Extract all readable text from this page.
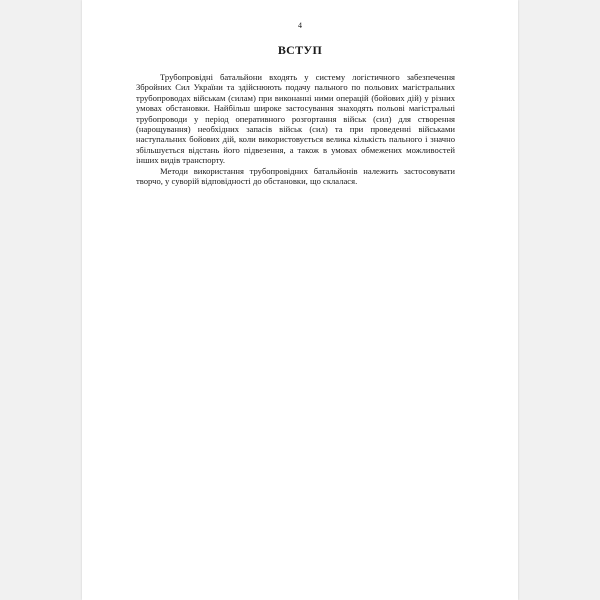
4
ВСТУП

Трубопровідні батальйони входять у систему логістичного забезпечення Збройних Сил України та здійснюють подачу пального по польових магістральних трубопроводах військам (силам) при виконанні ними операцій (бойових дій) у різних умовах обстановки. Найбільш широке застосування знаходять польові магістральні трубопроводи у період оперативного розгортання військ (сил) для створення (нарощування) необхідних запасів військ (сил) та при проведенні військами наступальних бойових дій, коли використовується велика кількість пального і значно збільшується відстань його підвезення, а також в умовах обмежених можливостей інших видів транспорту.

Методи використання трубопровідних батальйонів належить застосовувати творчо, у суворій відповідності до обстановки, що склалася.
